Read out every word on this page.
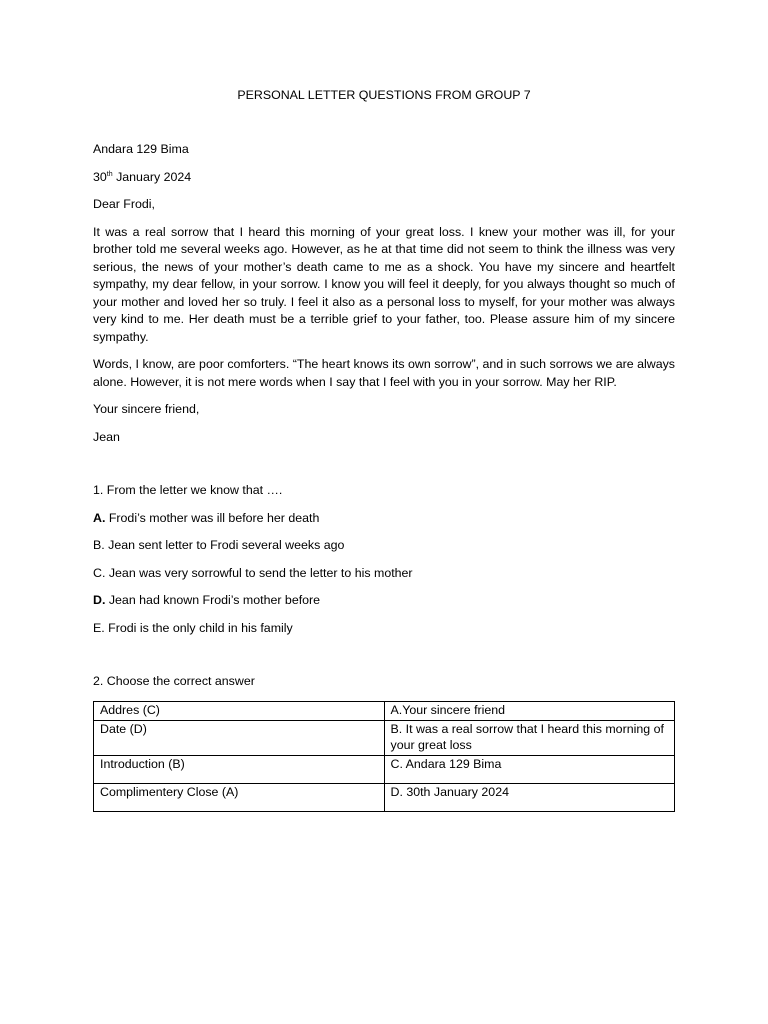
PERSONAL LETTER QUESTIONS FROM GROUP 7

Andara 129 Bima

30th January 2024

Dear Frodi,

It was a real sorrow that I heard this morning of your great loss. I knew your mother was ill, for your brother told me several weeks ago. However, as he at that time did not seem to think the illness was very serious, the news of your mother’s death came to me as a shock. You have my sincere and heartfelt sympathy, my dear fellow, in your sorrow. I know you will feel it deeply, for you always thought so much of your mother and loved her so truly. I feel it also as a personal loss to myself, for your mother was always very kind to me. Her death must be a terrible grief to your father, too. Please assure him of my sincere sympathy.

Words, I know, are poor comforters. “The heart knows its own sorrow”, and in such sorrows we are always alone. However, it is not mere words when I say that I feel with you in your sorrow. May her RIP.

Your sincere friend,

Jean

1. From the letter we know that ….

A. Frodi’s mother was ill before her death

B. Jean sent letter to Frodi several weeks ago

C. Jean was very sorrowful to send the letter to his mother

D. Jean had known Frodi’s mother before

E. Frodi is the only child in his family

2. Choose the correct answer

Addres (C)	A.Your sincere friend
Date (D)	B. It was a real sorrow that I heard this morning of your great loss
Introduction (B)	C. Andara 129 Bima
Complimentery Close (A)	D. 30th January 2024
